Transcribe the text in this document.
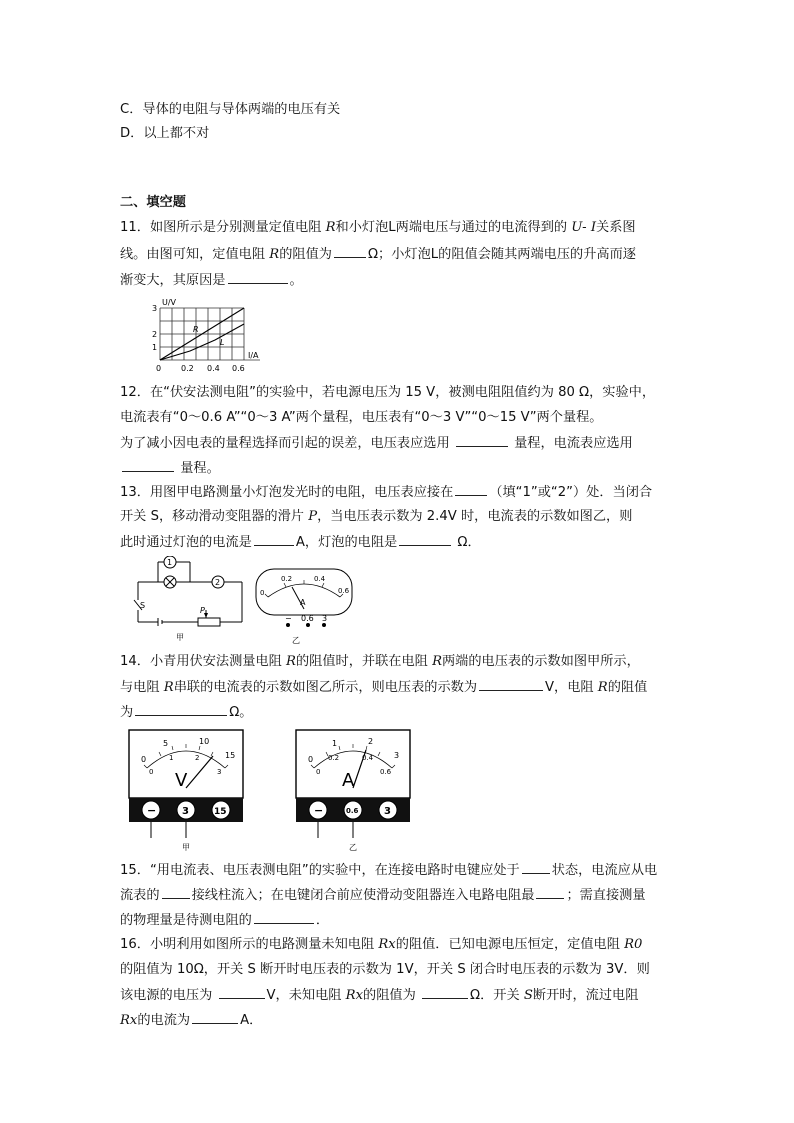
C．导体的电阻与导体两端的电压有关
D．以上都不对
二、填空题
11．如图所示是分别测量定值电阻 R和小灯泡L两端电压与通过的电流得到的 U- I关系图
线。由图可知，定值电阻 R的阻值为	Ω；小灯泡L的阻值会随其两端电压的升高而逐
渐变大，其原因是	。
U/V
I/A
1
2
3
0 0.2 0.4 0.6
R
L
12．在“伏安法测电阻”的实验中，若电源电压为 15 V，被测电阻阻值约为 80 Ω，实验中，
电流表有“0～0.6 A”“0～3 A”两个量程，电压表有“0～3 V”“0～15 V”两个量程。
为了减小因电表的量程选择而引起的误差，电压表应选用	量程，电流表应选用
量程。
13．用图甲电路测量小灯泡发光时的电阻，电压表应接在	（填“1”或“2”）处．当闭合
开关 S，移动滑动变阻器的滑片 P，当电压表示数为 2.4V 时，电流表的示数如图乙，则
此时通过灯泡的电流是	A，灯泡的电阻是	Ω．
1
2
S
P
甲
0
0.2	0.4
0.6
A
− 0.6 3
乙
14．小青用伏安法测量电阻 R的阻值时，并联在电阻 R两端的电压表的示数如图甲所示，
与电阻 R串联的电流表的示数如图乙所示，则电压表的示数为	V，电阻 R的阻值
为	Ω。
0
5	10
15
0
1	2
3
V
−	3	15
甲
0
1	2
3
0
0.2	0.4
0.6
A
−	0.6	3
乙
15．“用电流表、电压表测电阻”的实验中，在连接电路时电键应处于 状态，电流应从电
流表的 接线柱流入；在电键闭合前应使滑动变阻器连入电路电阻最 ；需直接测量
的物理量是待测电阻的	．
16．小明利用如图所示的电路测量未知电阻 Rx的阻值．已知电源电压恒定，定值电阻 R0
的阻值为 10Ω，开关 S 断开时电压表的示数为 1V，开关 S 闭合时电压表的示数为 3V．则
该电源的电压为	V，未知电阻 Rx的阻值为	Ω．开关 S断开时，流过电阻
Rx的电流为	A．
